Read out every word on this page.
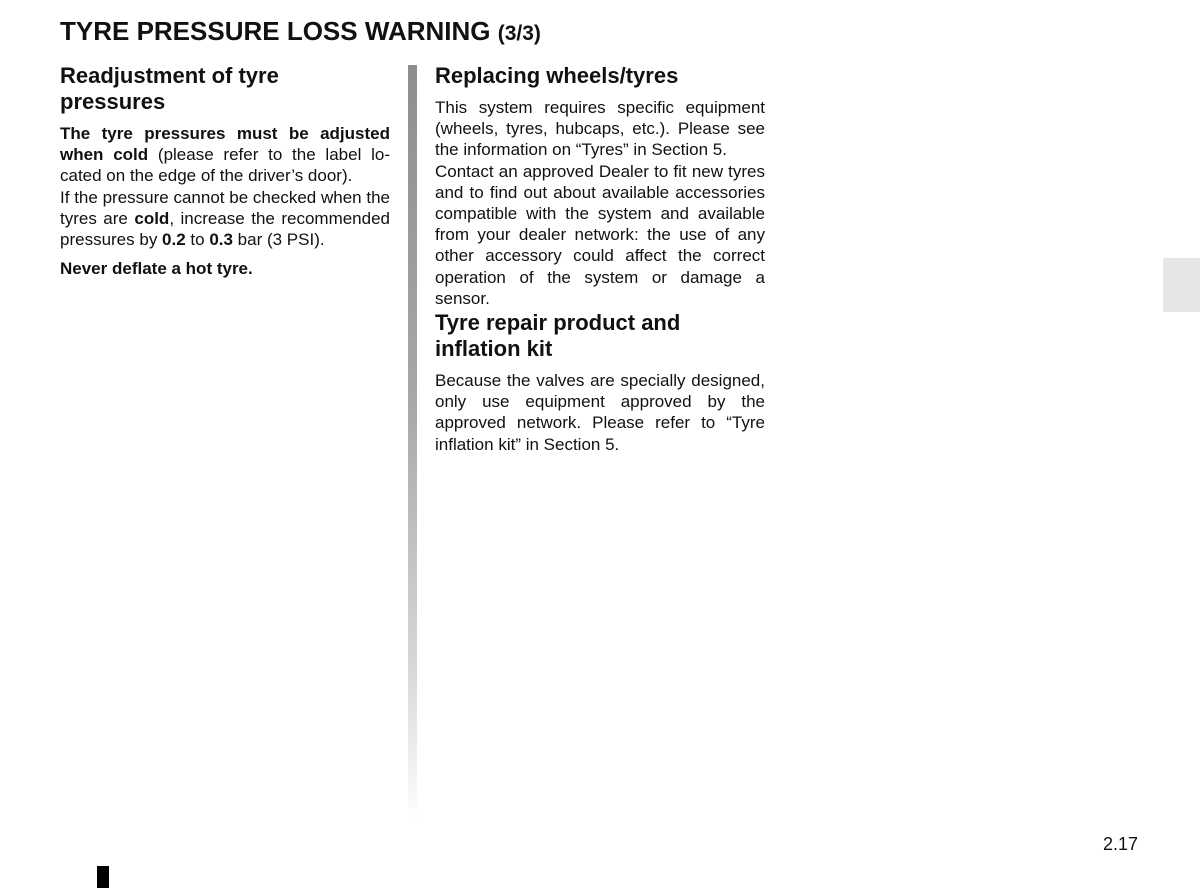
TYRE PRESSURE LOSS WARNING (3/3)
Readjustment of tyre pressures

The tyre pressures must be adjusted when cold (please refer to the label located on the edge of the driver’s door).

If the pressure cannot be checked when the tyres are cold, increase the recommended pressures by 0.2 to 0.3 bar (3 PSI).

Never deflate a hot tyre.

Replacing wheels/tyres

This system requires specific equipment (wheels, tyres, hubcaps, etc.). Please see the information on “Tyres” in Section 5.

Contact an approved Dealer to fit new tyres and to find out about available accessories compatible with the system and available from your dealer network: the use of any other accessory could affect the correct operation of the system or damage a sensor.

Tyre repair product and inflation kit

Because the valves are specially designed, only use equipment approved by the approved network. Please refer to “Tyre inflation kit” in Section 5.

2.17
